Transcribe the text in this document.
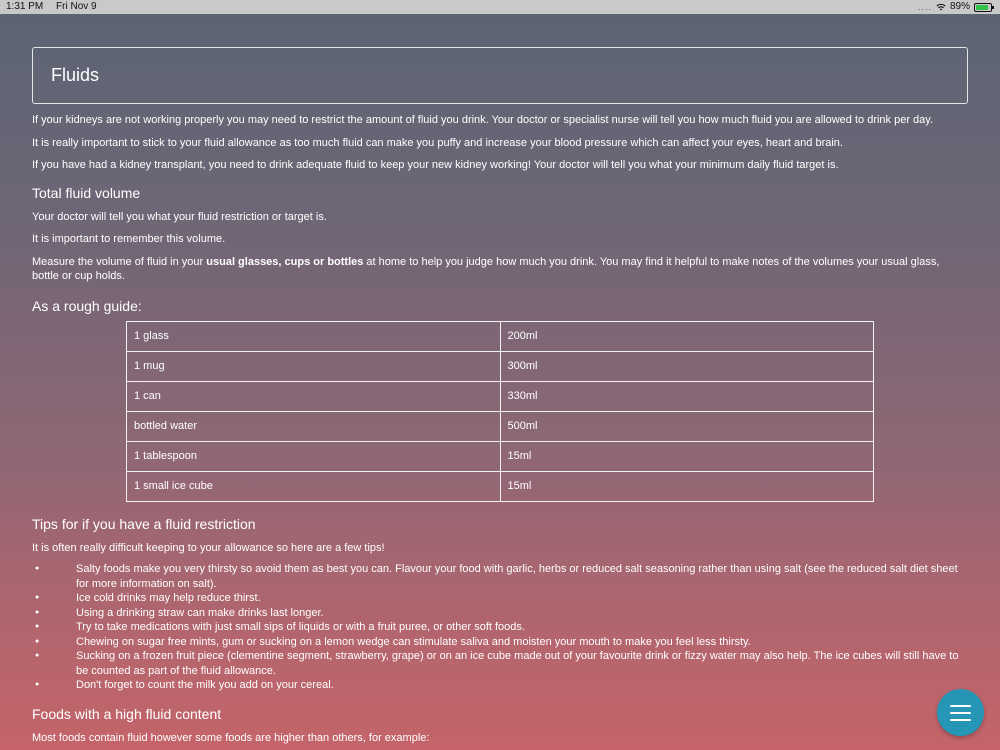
1:31 PM Fri Nov 9	.... 89%
Fluids

If your kidneys are not working properly you may need to restrict the amount of fluid you drink. Your doctor or specialist nurse will tell you how much fluid you are allowed to drink per day.

It is really important to stick to your fluid allowance as too much fluid can make you puffy and increase your blood pressure which can affect your eyes, heart and brain.

If you have had a kidney transplant, you need to drink adequate fluid to keep your new kidney working! Your doctor will tell you what your minimum daily fluid target is.

Total fluid volume

Your doctor will tell you what your fluid restriction or target is.

It is important to remember this volume.

Measure the volume of fluid in your usual glasses, cups or bottles at home to help you judge how much you drink. You may find it helpful to make notes of the volumes your usual glass, bottle or cup holds.

As a rough guide:
1 glass	200ml
1 mug	300ml
1 can	330ml
bottled water	500ml
1 tablespoon	15ml
1 small ice cube	15ml
Tips for if you have a fluid restriction

It is often really difficult keeping to your allowance so here are a few tips!

● Salty foods make you very thirsty so avoid them as best you can. Flavour your food with garlic, herbs or reduced salt seasoning rather than using salt (see the reduced salt diet sheet for more information on salt).
● Ice cold drinks may help reduce thirst.
● Using a drinking straw can make drinks last longer.
● Try to take medications with just small sips of liquids or with a fruit puree, or other soft foods.
● Chewing on sugar free mints, gum or sucking on a lemon wedge can stimulate saliva and moisten your mouth to make you feel less thirsty.
● Sucking on a frozen fruit piece (clementine segment, strawberry, grape) or on an ice cube made out of your favourite drink or fizzy water may also help. The ice cubes will still have to be counted as part of the fluid allowance.
● Don't forget to count the milk you add on your cereal.
Foods with a high fluid content

Most foods contain fluid however some foods are higher than others, for example:
